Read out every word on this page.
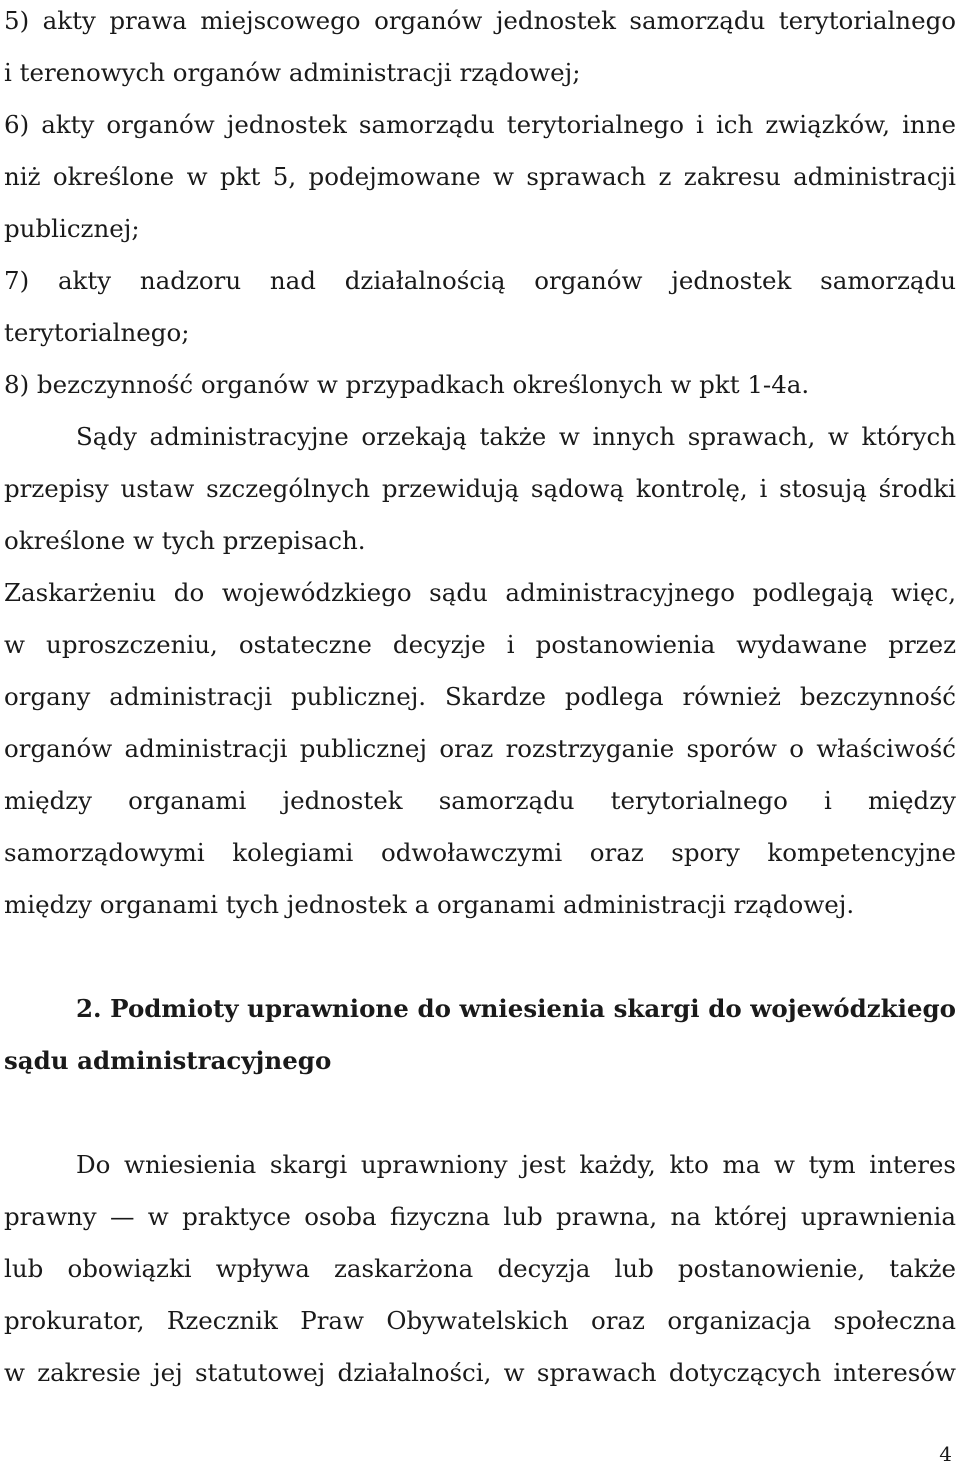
5) akty prawa miejscowego organów jednostek samorządu terytorialnego
i terenowych organów administracji rządowej;
6) akty organów jednostek samorządu terytorialnego i ich związków, inne
niż określone w pkt 5, podejmowane w sprawach z zakresu administracji
publicznej;
7) akty nadzoru nad działalnością organów jednostek samorządu
terytorialnego;
8) bezczynność organów w przypadkach określonych w pkt 1-4a.
Sądy administracyjne orzekają także w innych sprawach, w których
przepisy ustaw szczególnych przewidują sądową kontrolę, i stosują środki
określone w tych przepisach.
Zaskarżeniu do wojewódzkiego sądu administracyjnego podlegają więc,
w uproszczeniu, ostateczne decyzje i postanowienia wydawane przez
organy administracji publicznej. Skardze podlega również bezczynność
organów administracji publicznej oraz rozstrzyganie sporów o właściwość
między organami jednostek samorządu terytorialnego i między
samorządowymi kolegiami odwoławczymi oraz spory kompetencyjne
między organami tych jednostek a organami administracji rządowej.
2. Podmioty uprawnione do wniesienia skargi do wojewódzkiego
sądu administracyjnego
Do wniesienia skargi uprawniony jest każdy, kto ma w tym interes
prawny — w praktyce osoba fizyczna lub prawna, na której uprawnienia
lub obowiązki wpływa zaskarżona decyzja lub postanowienie, także
prokurator, Rzecznik Praw Obywatelskich oraz organizacja społeczna
w zakresie jej statutowej działalności, w sprawach dotyczących interesów
4
